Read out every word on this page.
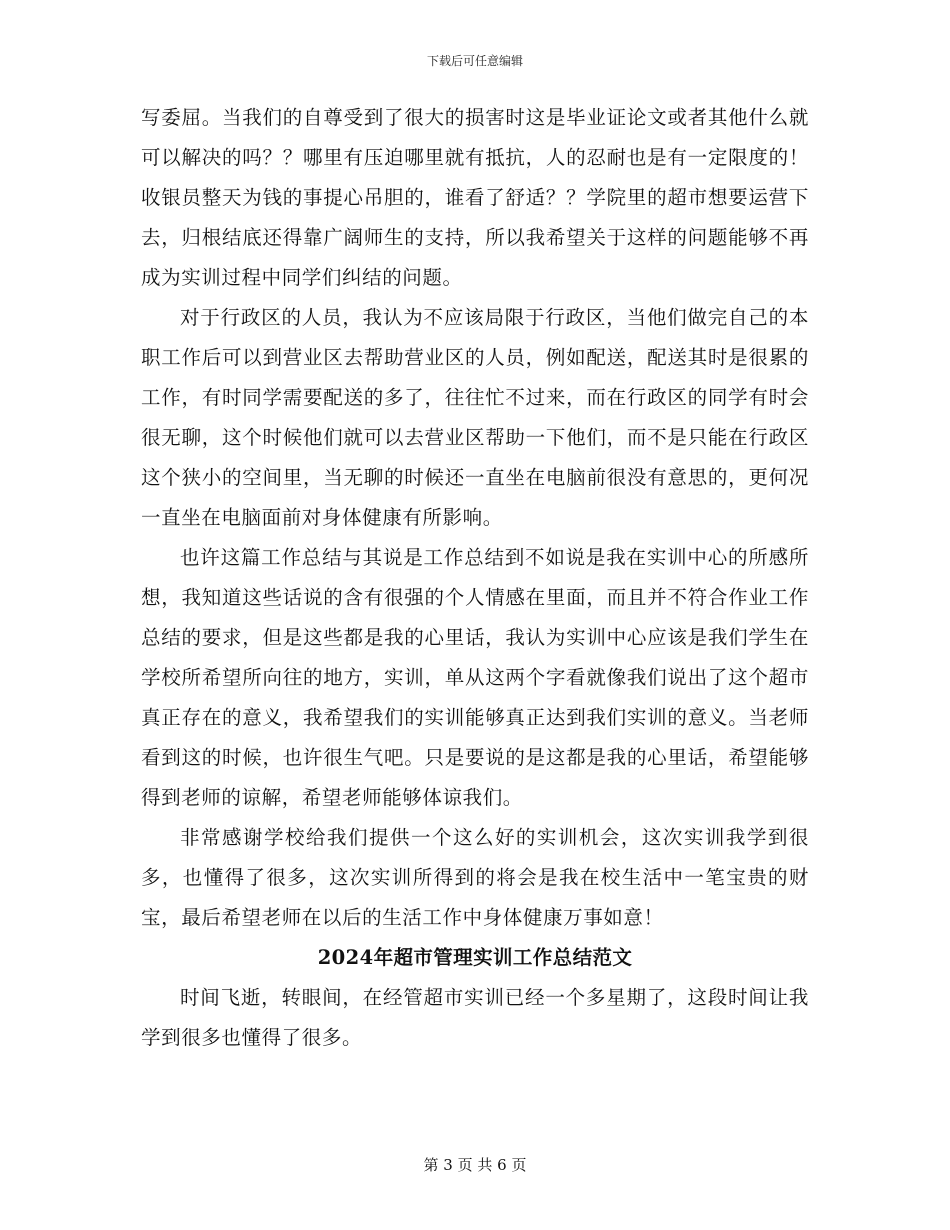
下载后可任意编辑

写委屈。当我们的自尊受到了很大的损害时这是毕业证论文或者其他什么就可以解决的吗？？哪里有压迫哪里就有抵抗，人的忍耐也是有一定限度的！收银员整天为钱的事提心吊胆的，谁看了舒适？？学院里的超市想要运营下去，归根结底还得靠广阔师生的支持，所以我希望关于这样的问题能够不再成为实训过程中同学们纠结的问题。

对于行政区的人员，我认为不应该局限于行政区，当他们做完自己的本职工作后可以到营业区去帮助营业区的人员，例如配送，配送其时是很累的工作，有时同学需要配送的多了，往往忙不过来，而在行政区的同学有时会很无聊，这个时候他们就可以去营业区帮助一下他们，而不是只能在行政区这个狭小的空间里，当无聊的时候还一直坐在电脑前很没有意思的，更何况一直坐在电脑面前对身体健康有所影响。

也许这篇工作总结与其说是工作总结到不如说是我在实训中心的所感所想，我知道这些话说的含有很强的个人情感在里面，而且并不符合作业工作总结的要求，但是这些都是我的心里话，我认为实训中心应该是我们学生在学校所希望所向往的地方，实训，单从这两个字看就像我们说出了这个超市真正存在的意义，我希望我们的实训能够真正达到我们实训的意义。当老师看到这的时候，也许很生气吧。只是要说的是这都是我的心里话，希望能够得到老师的谅解，希望老师能够体谅我们。

非常感谢学校给我们提供一个这么好的实训机会，这次实训我学到很多，也懂得了很多，这次实训所得到的将会是我在校生活中一笔宝贵的财宝，最后希望老师在以后的生活工作中身体健康万事如意！

2024年超市管理实训工作总结范文

时间飞逝，转眼间，在经管超市实训已经一个多星期了，这段时间让我学到很多也懂得了很多。

第 3 页 共 6 页
